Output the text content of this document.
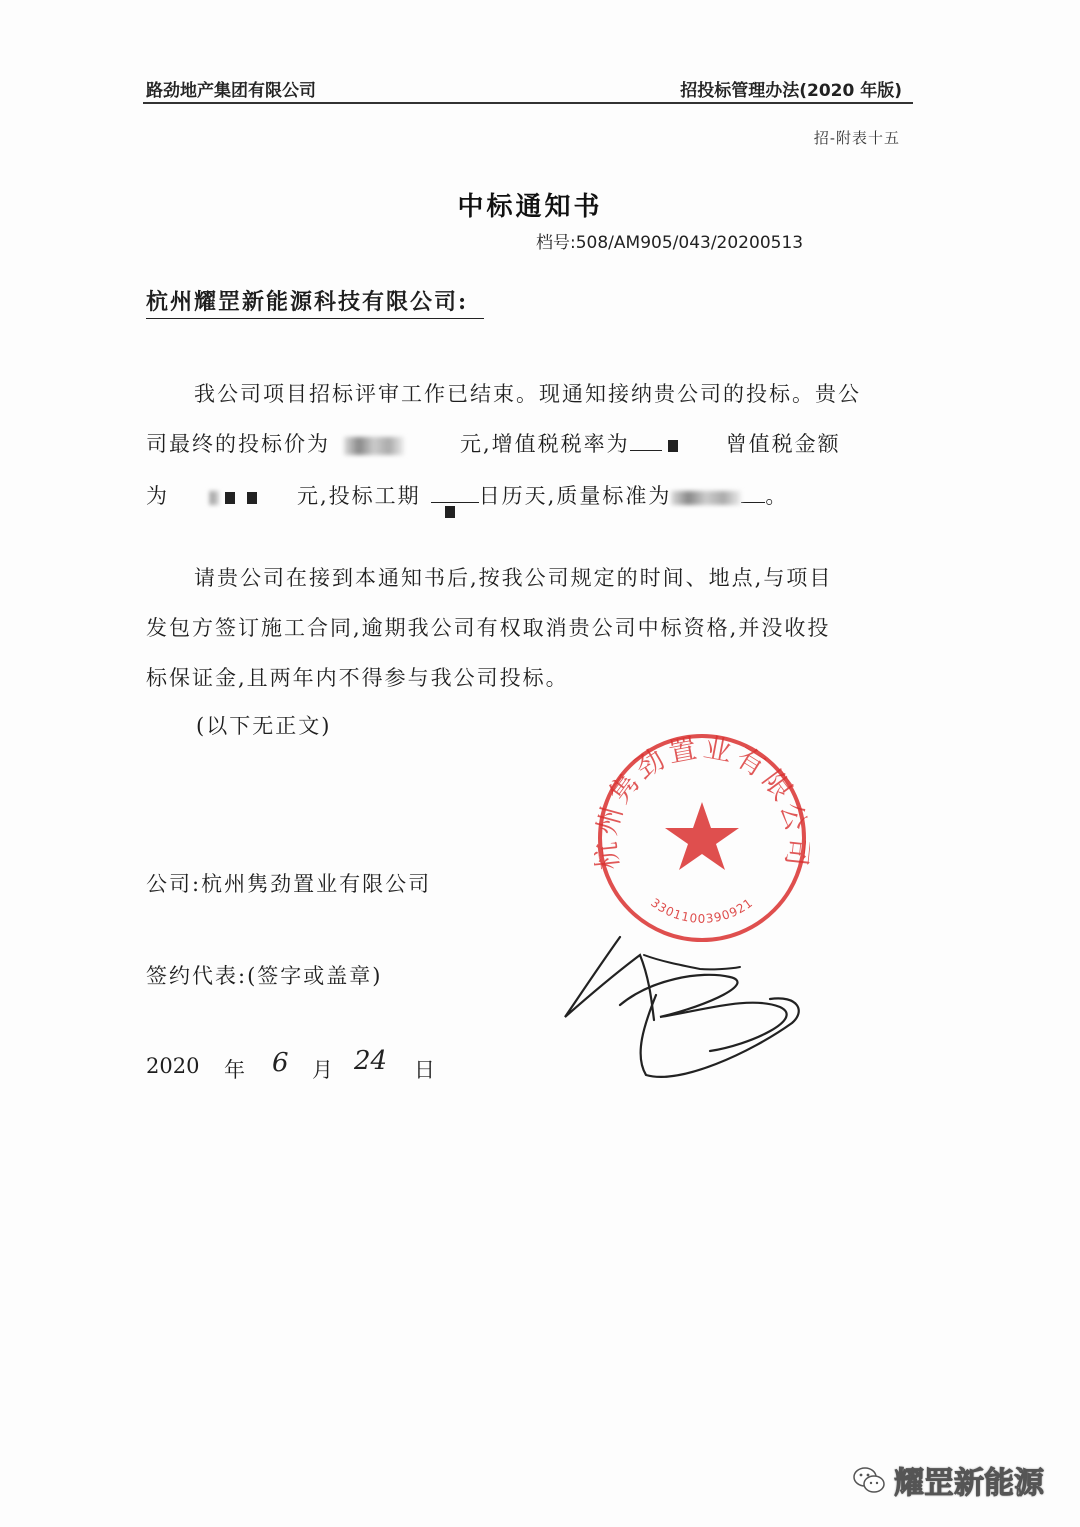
路劲地产集团有限公司	招投标管理办法(2020 年版)
招-附表十五
中标通知书
档号:508/AM905/043/20200513
杭州耀罡新能源科技有限公司:
我公司项目招标评审工作已结束。现通知接纳贵公司的投标。贵公
司最终的投标价为	元,增值税税率为	曾值税金额
为	元,投标工期	日历天,质量标准为	。
请贵公司在接到本通知书后,按我公司规定的时间、地点,与项目
发包方签订施工合同,逾期我公司有权取消贵公司中标资格,并没收投
标保证金,且两年内不得参与我公司投标。
(以下无正文)
隽劲置业有限
3301100390921
公司:杭州隽劲置业有限公司
签约代表:(签字或盖章)
2020 年 6 月 24 日
耀罡新能源
